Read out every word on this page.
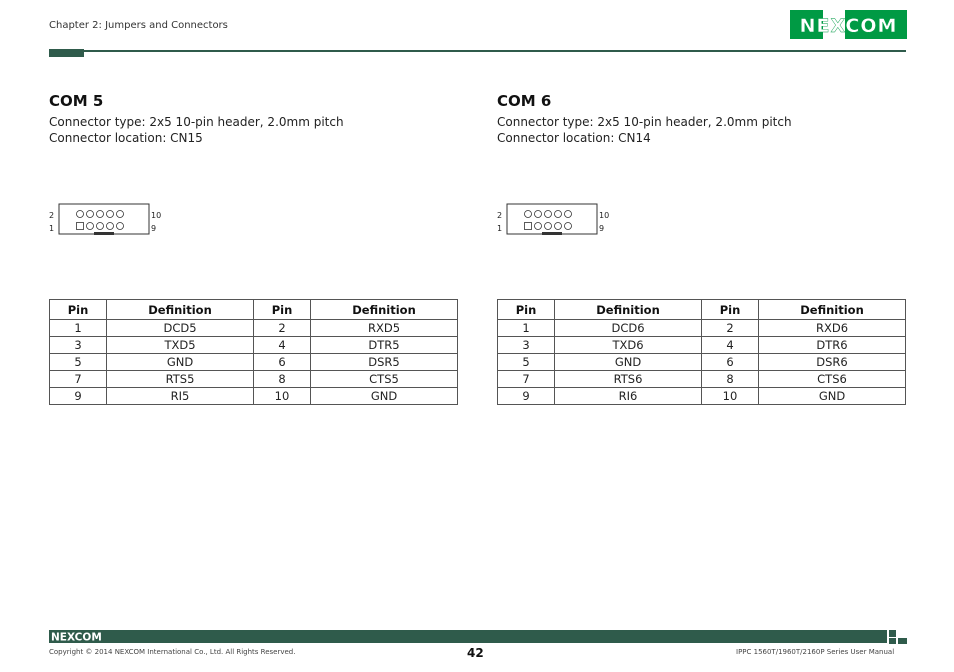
Chapter 2: Jumpers and Connectors	NEXCOM
COM 5
Connector type: 2x5 10-pin header, 2.0mm pitch
Connector location: CN15
2
1
10
9
Pin	Definition	Pin	Definition
1	DCD5	2	RXD5
3	TXD5	4	DTR5
5	GND	6	DSR5
7	RTS5	8	CTS5
9	RI5	10	GND
COM 6
Connector type: 2x5 10-pin header, 2.0mm pitch
Connector location: CN14
2
1
10
9
Pin	Definition	Pin	Definition
1	DCD6	2	RXD6
3	TXD6	4	DTR6
5	GND	6	DSR6
7	RTS6	8	CTS6
9	RI6	10	GND
NEXCOM
Copyright © 2014 NEXCOM International Co., Ltd. All Rights Reserved.	42	IPPC 1560T/1960T/2160P Series User Manual
